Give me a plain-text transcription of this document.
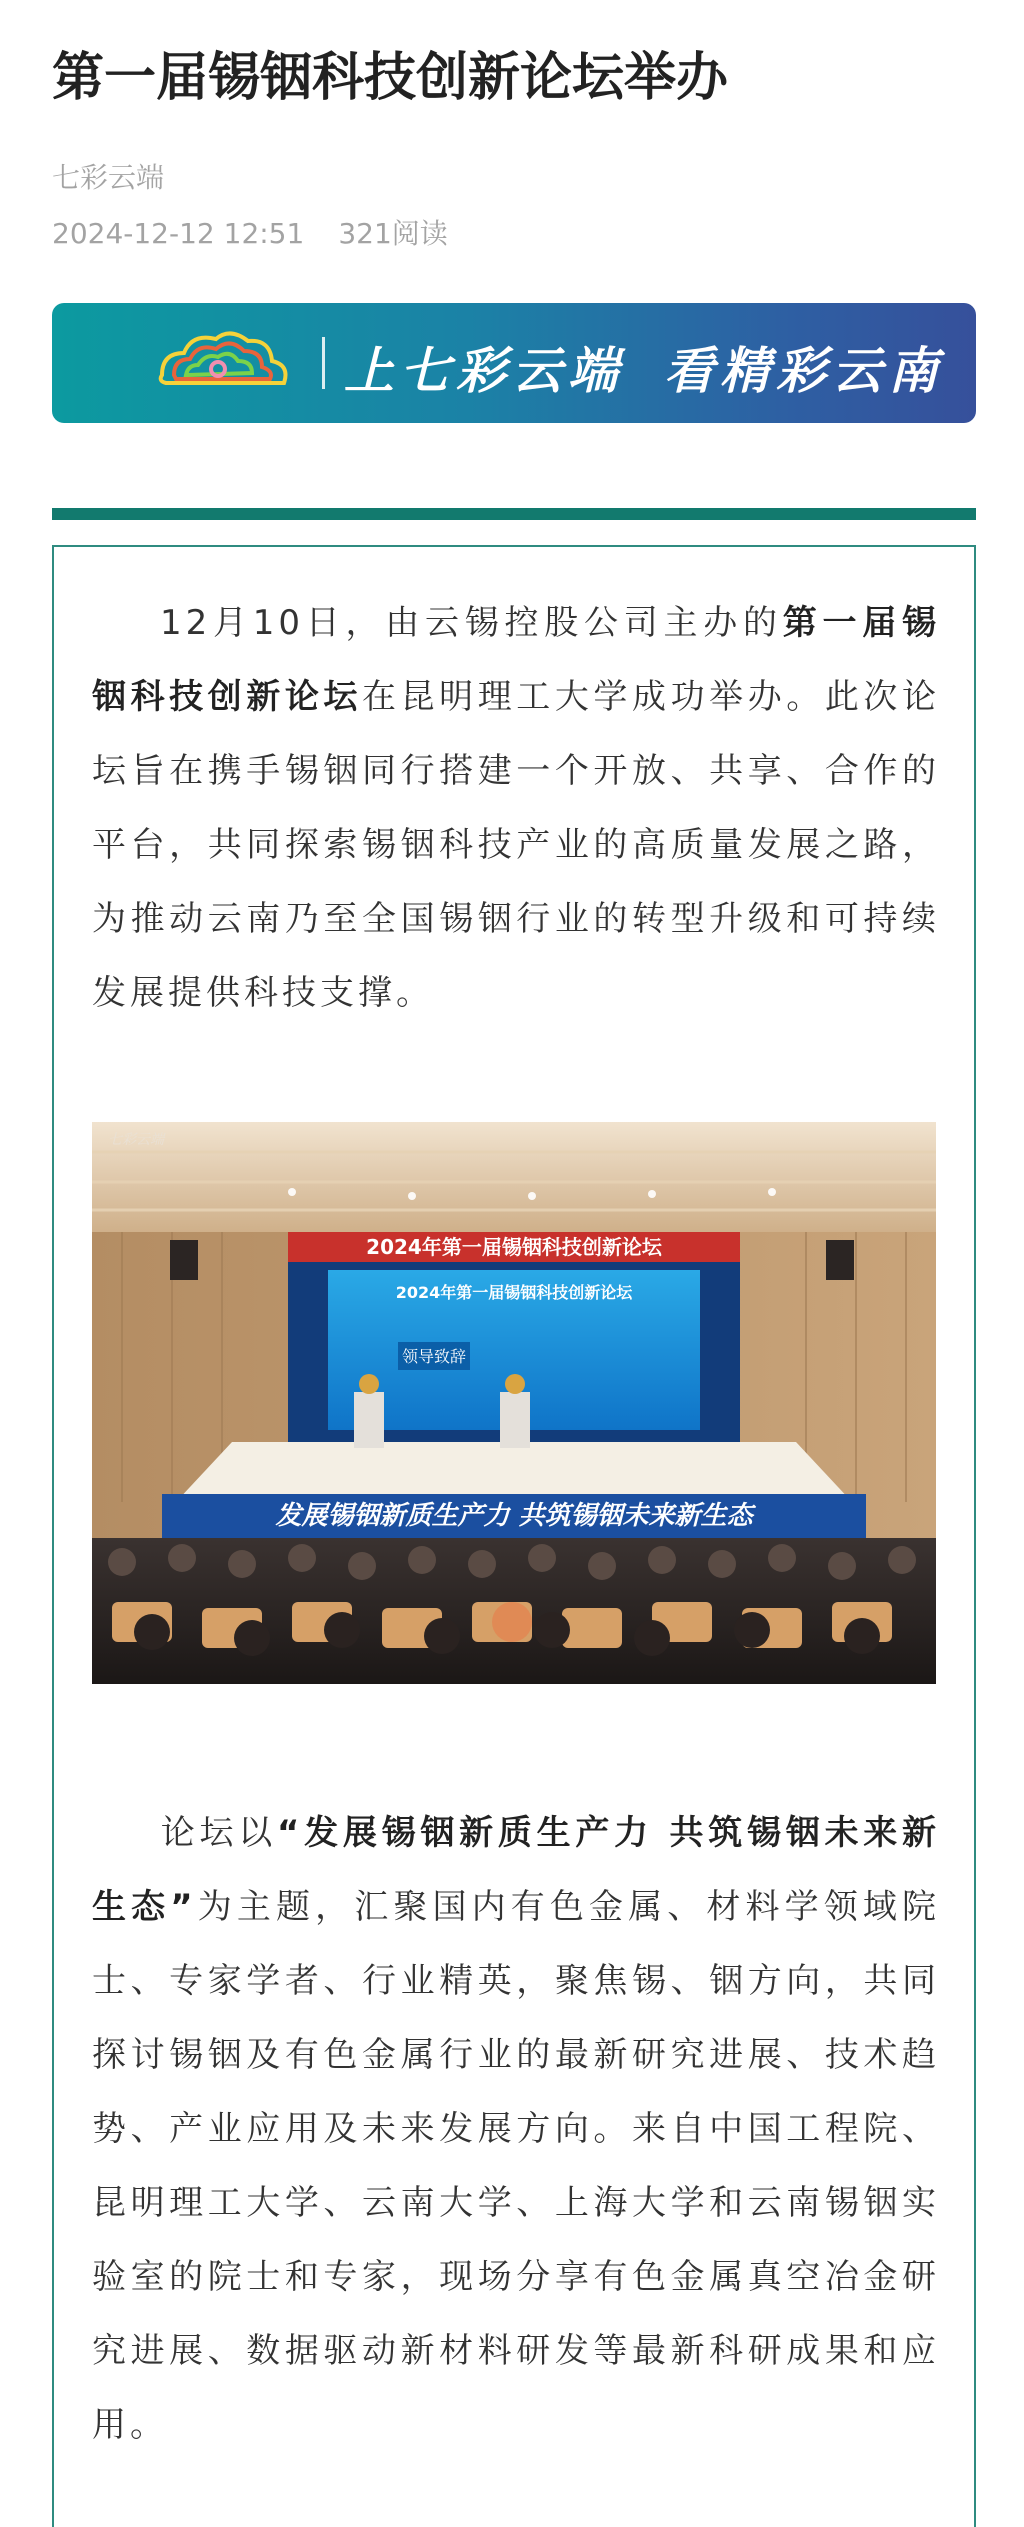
第一届锡铟科技创新论坛举办
七彩云端
2024-12-12 12:51 321阅读
上七彩云端 看精彩云南

12月10日，由云锡控股公司主办的第一届锡铟科技创新论坛在昆明理工大学成功举办。此次论坛旨在携手锡铟同行搭建一个开放、共享、合作的平台，共同探索锡铟科技产业的高质量发展之路，为推动云南乃至全国锡铟行业的转型升级和可持续发展提供科技支撑。

2024年第一届锡铟科技创新论坛
2024年第一届锡铟科技创新论坛
领导致辞
发展锡铟新质生产力 共筑锡铟未来新生态
七彩云端

论坛以“发展锡铟新质生产力 共筑锡铟未来新生态”为主题，汇聚国内有色金属、材料学领域院士、专家学者、行业精英，聚焦锡、铟方向，共同探讨锡铟及有色金属行业的最新研究进展、技术趋势、产业应用及未来发展方向。来自中国工程院、昆明理工大学、云南大学、上海大学和云南锡铟实验室的院士和专家，现场分享有色金属真空冶金研究进展、数据驱动新材料研发等最新科研成果和应用。
